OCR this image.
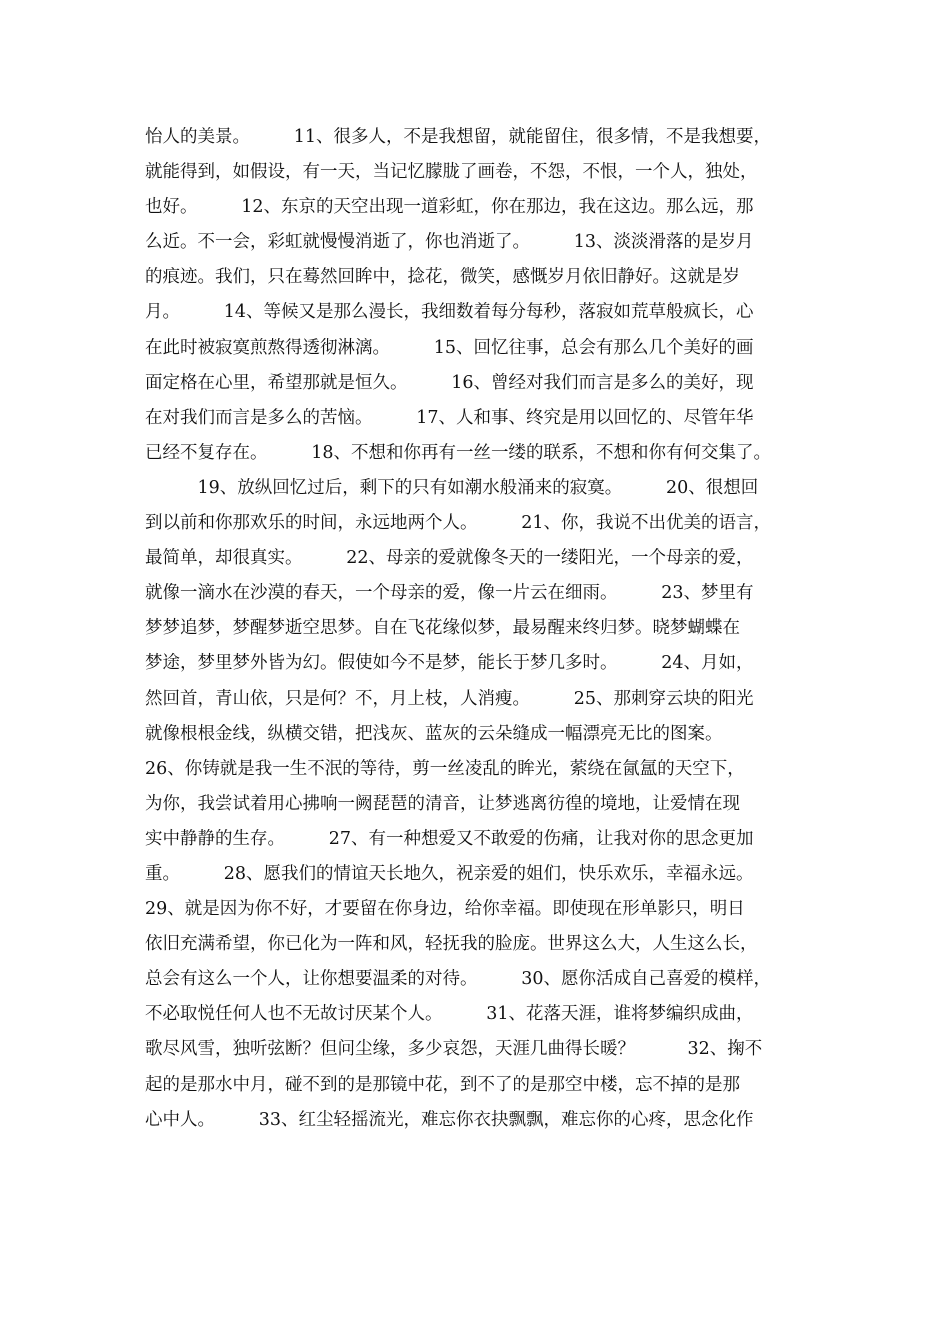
怡人的美景。　　　11、很多人，不是我想留，就能留住，很多情，不是我想要，
就能得到，如假设，有一天，当记忆朦胧了画卷，不怨，不恨，一个人，独处，
也好。　　　12、东京的天空出现一道彩虹，你在那边，我在这边。那么远，那
么近。不一会，彩虹就慢慢消逝了，你也消逝了。　　　13、淡淡滑落的是岁月
的痕迹。我们，只在蓦然回眸中，捻花，微笑，感慨岁月依旧静好。这就是岁
月。　　　14、等候又是那么漫长，我细数着每分每秒，落寂如荒草般疯长，心
在此时被寂寞煎熬得透彻淋漓。　　　15、回忆往事，总会有那么几个美好的画
面定格在心里，希望那就是恒久。　　　16、曾经对我们而言是多么的美好，现
在对我们而言是多么的苦恼。　　　17、人和事、终究是用以回忆的、尽管年华
已经不复存在。　　　18、不想和你再有一丝一缕的联系，不想和你有何交集了。
　　　19、放纵回忆过后，剩下的只有如潮水般涌来的寂寞。　　　20、很想回
到以前和你那欢乐的时间，永远地两个人。　　　21、你，我说不出优美的语言，
最简单，却很真实。　　　22、母亲的爱就像冬天的一缕阳光，一个母亲的爱，
就像一滴水在沙漠的春天，一个母亲的爱，像一片云在细雨。　　　23、梦里有
梦梦追梦，梦醒梦逝空思梦。自在飞花缘似梦，最易醒来终归梦。晓梦蝴蝶在
梦途，梦里梦外皆为幻。假使如今不是梦，能长于梦几多时。　　　24、月如，
然回首，青山依，只是何？不，月上枝，人消瘦。　　　25、那刺穿云块的阳光
就像根根金线，纵横交错，把浅灰、蓝灰的云朵缝成一幅漂亮无比的图案。
26、你铸就是我一生不泯的等待，剪一丝凌乱的眸光，萦绕在氤氲的天空下，
为你，我尝试着用心拂响一阙琵琶的清音，让梦逃离彷徨的境地，让爱情在现
实中静静的生存。　　　27、有一种想爱又不敢爱的伤痛，让我对你的思念更加
重。　　　28、愿我们的情谊天长地久，祝亲爱的姐们，快乐欢乐，幸福永远。
29、就是因为你不好，才要留在你身边，给你幸福。即使现在形单影只，明日
依旧充满希望，你已化为一阵和风，轻抚我的脸庞。世界这么大，人生这么长，
总会有这么一个人，让你想要温柔的对待。　　　30、愿你活成自己喜爱的模样，
不必取悦任何人也不无故讨厌某个人。　　　31、花落天涯，谁将梦编织成曲，
歌尽风雪，独听弦断？但问尘缘，多少哀怨，天涯几曲得长暖？　　　32、掬不
起的是那水中月，碰不到的是那镜中花，到不了的是那空中楼，忘不掉的是那
心中人。　　　33、红尘轻摇流光，难忘你衣抉飘飘，难忘你的心疼，思念化作
